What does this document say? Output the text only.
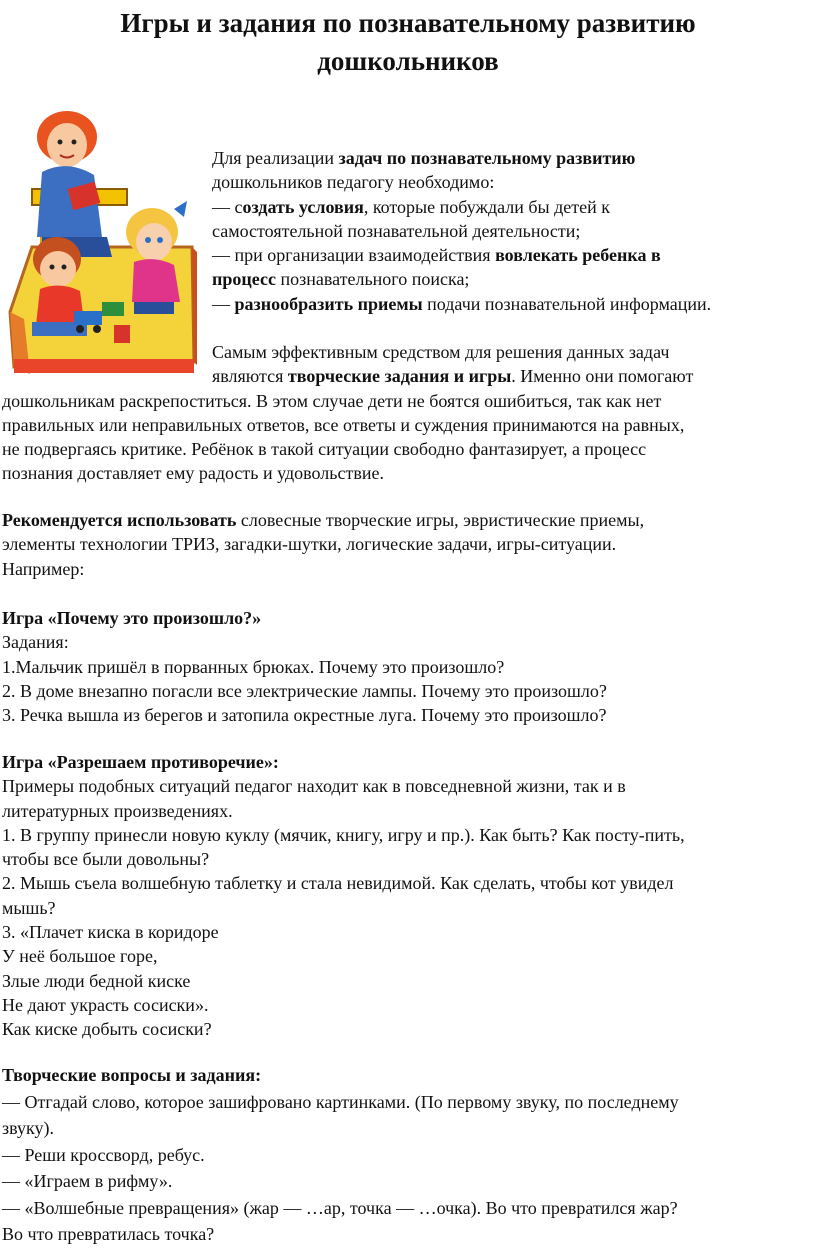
Игры и задания по познавательному развитию
дошкольников

Для реализации задач по познавательному развитию

дошкольников педагогу необходимо:

— создать условия, которые побуждали бы детей к

самостоятельной познавательной деятельности;

— при организации взаимодействия вовлекать ребенка в

процесс познавательного поиска;

— разнообразить приемы подачи познавательной информации.

Самым эффективным средством для решения данных задач

являются творческие задания и игры. Именно они помогают

дошкольникам раскрепоститься. В этом случае дети не боятся ошибиться, так как нет

правильных или неправильных ответов, все ответы и суждения принимаются на равных,

не подвергаясь критике. Ребёнок в такой ситуации свободно фантазирует, а процесс

познания доставляет ему радость и удовольствие.

Рекомендуется использовать словесные творческие игры, эвристические приемы,

элементы технологии ТРИЗ, загадки-шутки, логические задачи, игры-ситуации.

Например:

Игра «Почему это произошло?»

Задания:

1.Мальчик пришёл в порванных брюках. Почему это произошло?

2. В доме внезапно погасли все электрические лампы. Почему это произошло?

3. Речка вышла из берегов и затопила окрестные луга. Почему это произошло?

Игра «Разрешаем противоречие»:

Примеры подобных ситуаций педагог находит как в повседневной жизни, так и в

литературных произведениях.

1. В группу принесли новую куклу (мячик, книгу, игру и пр.). Как быть? Как посту-пить,

чтобы все были довольны?

2. Мышь съела волшебную таблетку и стала невидимой. Как сделать, чтобы кот увидел

мышь?

3. «Плачет киска в коридоре

У неё большое горе,

Злые люди бедной киске

Не дают украсть сосиски».

Как киске добыть сосиски?

Творческие вопросы и задания:

— Отгадай слово, которое зашифровано картинками. (По первому звуку, по последнему

звуку).

— Реши кроссворд, ребус.

— «Играем в рифму».

— «Волшебные превращения» (жар — …ар, точка — …очка). Во что превратился жар?

Во что превратилась точка?
